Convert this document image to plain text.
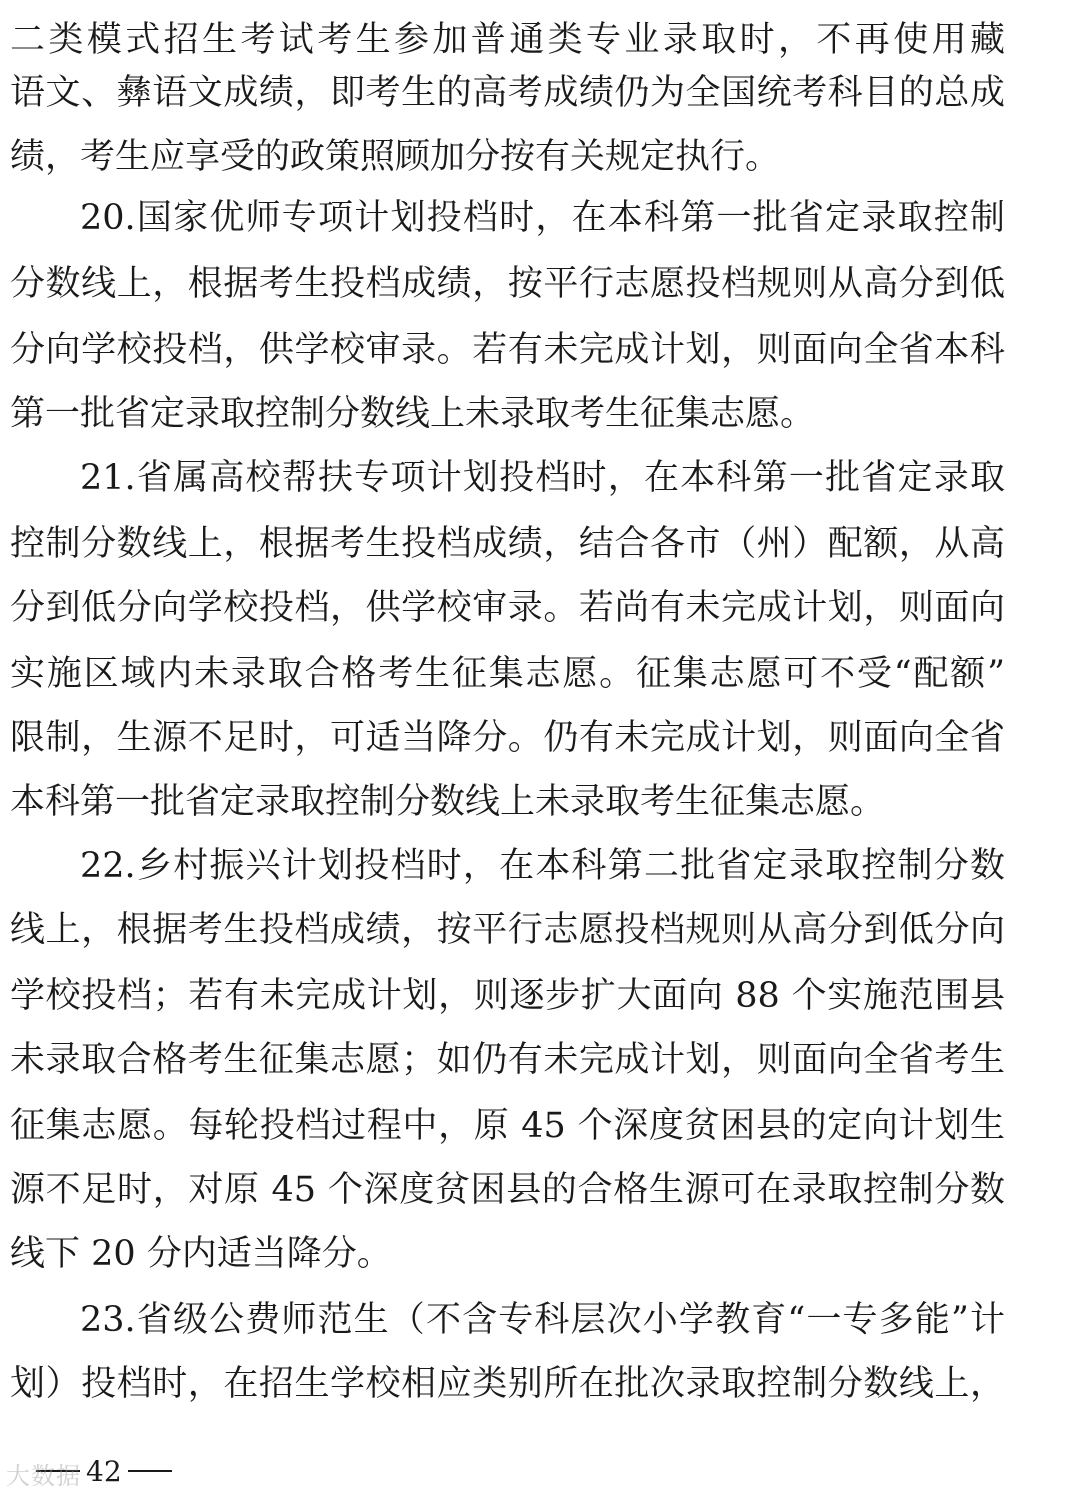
二类模式招生考试考生参加普通类专业录取时，不再使用藏
语文、彝语文成绩，即考生的高考成绩仍为全国统考科目的总成
绩，考生应享受的政策照顾加分按有关规定执行。
20.国家优师专项计划投档时，在本科第一批省定录取控制
分数线上，根据考生投档成绩，按平行志愿投档规则从高分到低
分向学校投档，供学校审录。若有未完成计划，则面向全省本科
第一批省定录取控制分数线上未录取考生征集志愿。
21.省属高校帮扶专项计划投档时，在本科第一批省定录取
控制分数线上，根据考生投档成绩，结合各市（州）配额，从高
分到低分向学校投档，供学校审录。若尚有未完成计划，则面向
实施区域内未录取合格考生征集志愿。征集志愿可不受“配额”
限制，生源不足时，可适当降分。仍有未完成计划，则面向全省
本科第一批省定录取控制分数线上未录取考生征集志愿。
22.乡村振兴计划投档时，在本科第二批省定录取控制分数
线上，根据考生投档成绩，按平行志愿投档规则从高分到低分向
学校投档；若有未完成计划，则逐步扩大面向 88 个实施范围县
未录取合格考生征集志愿；如仍有未完成计划，则面向全省考生
征集志愿。每轮投档过程中，原 45 个深度贫困县的定向计划生
源不足时，对原 45 个深度贫困县的合格生源可在录取控制分数
线下 20 分内适当降分。
23.省级公费师范生（不含专科层次小学教育“一专多能”计
划）投档时，在招生学校相应类别所在批次录取控制分数线上，
42
大数据
